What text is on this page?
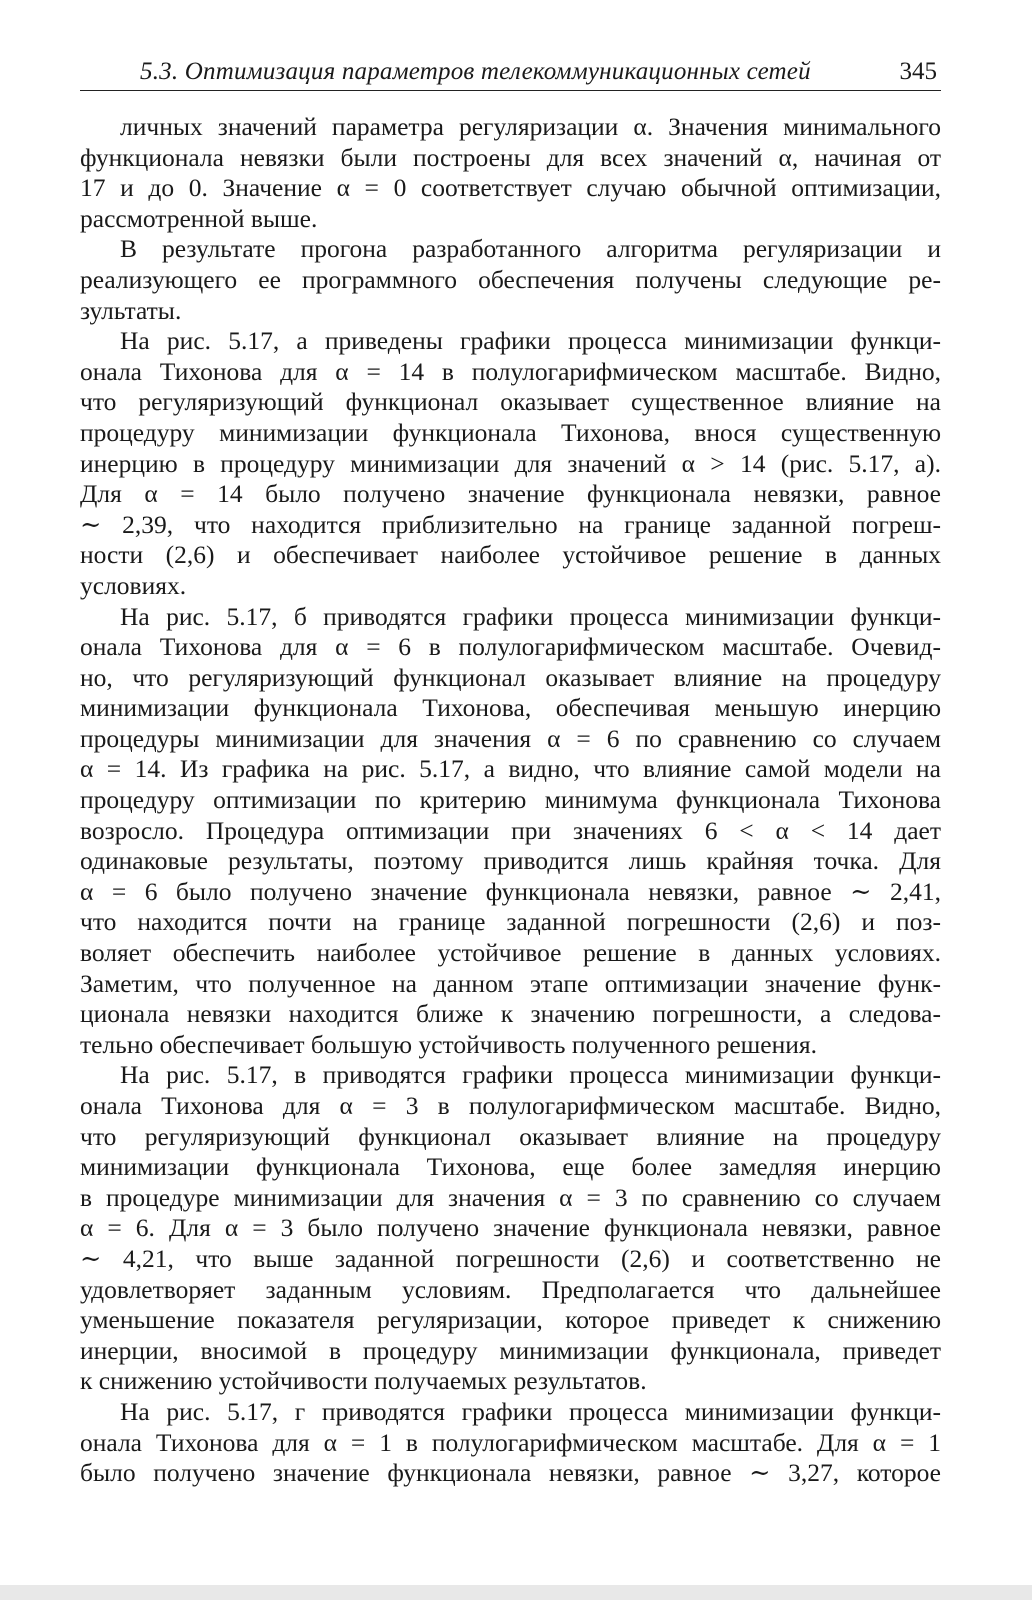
5.3. Оптимизация параметров телекоммуникационных сетей	345
личных значений параметра регуляризации α. Значения минимального
функционала невязки были построены для всех значений α, начиная от
17 и до 0. Значение α = 0 соответствует случаю обычной оптимизации,
рассмотренной выше.
В результате прогона разработанного алгоритма регуляризации и
реализующего ее программного обеспечения получены следующие ре-
зультаты.
На рис. 5.17, а приведены графики процесса минимизации функци-
онала Тихонова для α = 14 в полулогарифмическом масштабе. Видно,
что регуляризующий функционал оказывает существенное влияние на
процедуру минимизации функционала Тихонова, внося существенную
инерцию в процедуру минимизации для значений α > 14 (рис. 5.17, а).
Для α = 14 было получено значение функционала невязки, равное
∼ 2,39, что находится приблизительно на границе заданной погреш-
ности (2,6) и обеспечивает наиболее устойчивое решение в данных
условиях.
На рис. 5.17, б приводятся графики процесса минимизации функци-
онала Тихонова для α = 6 в полулогарифмическом масштабе. Очевид-
но, что регуляризующий функционал оказывает влияние на процедуру
минимизации функционала Тихонова, обеспечивая меньшую инерцию
процедуры минимизации для значения α = 6 по сравнению со случаем
α = 14. Из графика на рис. 5.17, а видно, что влияние самой модели на
процедуру оптимизации по критерию минимума функционала Тихонова
возросло. Процедура оптимизации при значениях 6 < α < 14 дает
одинаковые результаты, поэтому приводится лишь крайняя точка. Для
α = 6 было получено значение функционала невязки, равное ∼ 2,41,
что находится почти на границе заданной погрешности (2,6) и поз-
воляет обеспечить наиболее устойчивое решение в данных условиях.
Заметим, что полученное на данном этапе оптимизации значение функ-
ционала невязки находится ближе к значению погрешности, а следова-
тельно обеспечивает большую устойчивость полученного решения.
На рис. 5.17, в приводятся графики процесса минимизации функци-
онала Тихонова для α = 3 в полулогарифмическом масштабе. Видно,
что регуляризующий функционал оказывает влияние на процедуру
минимизации функционала Тихонова, еще более замедляя инерцию
в процедуре минимизации для значения α = 3 по сравнению со случаем
α = 6. Для α = 3 было получено значение функционала невязки, равное
∼ 4,21, что выше заданной погрешности (2,6) и соответственно не
удовлетворяет заданным условиям. Предполагается что дальнейшее
уменьшение показателя регуляризации, которое приведет к снижению
инерции, вносимой в процедуру минимизации функционала, приведет
к снижению устойчивости получаемых результатов.
На рис. 5.17, г приводятся графики процесса минимизации функци-
онала Тихонова для α = 1 в полулогарифмическом масштабе. Для α = 1
было получено значение функционала невязки, равное ∼ 3,27, которое
